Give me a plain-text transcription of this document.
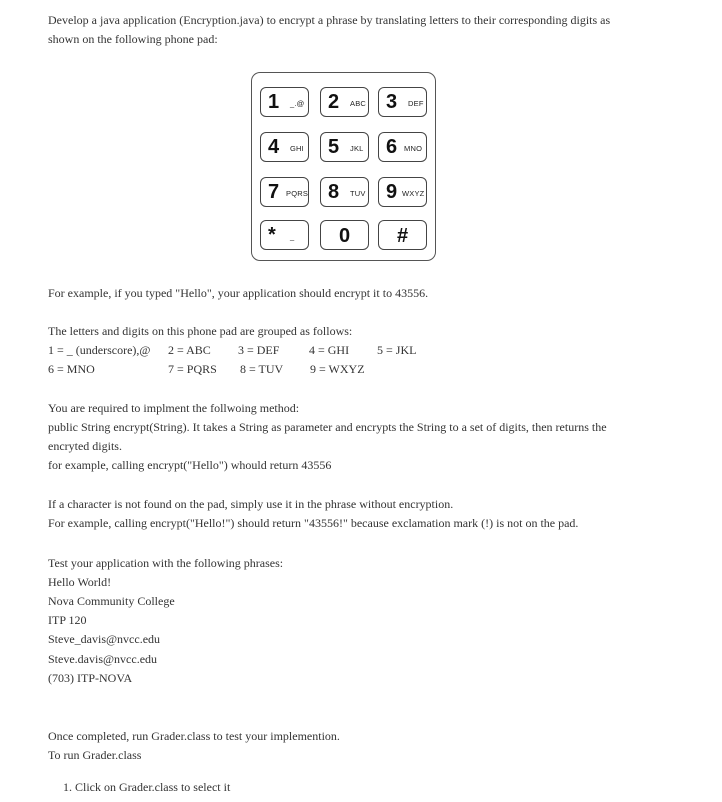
Develop a java application (Encryption.java) to encrypt a phrase by translating letters to their corresponding digits as
shown on the following phone pad:
1 _.@ 2 ABC 3 DEF
4 GHI 5 JKL 6 MNO
7 PQRS 8 TUV 9 WXYZ
* _	0	#
For example, if you typed "Hello", your application should encrypt it to 43556.
The letters and digits on this phone pad are grouped as follows:
1 = _ (underscore),@ 2 = ABC 3 = DEF 4 = GHI 5 = JKL
6 = MNO	7 = PQRS 8 = TUV 9 = WXYZ
You are required to implment the follwoing method:
public String encrypt(String). It takes a String as parameter and encrypts the String to a set of digits, then returns the
encryted digits.
for example, calling encrypt("Hello") whould return 43556
If a character is not found on the pad, simply use it in the phrase without encryption.
For example, calling encrypt("Hello!") should return "43556!" because exclamation mark (!) is not on the pad.
Test your application with the following phrases:
Hello World!
Nova Community College
ITP 120
Steve_davis@nvcc.edu
Steve.davis@nvcc.edu
(703) ITP-NOVA
Once completed, run Grader.class to test your implemention.
To run Grader.class
1. Click on Grader.class to select it
